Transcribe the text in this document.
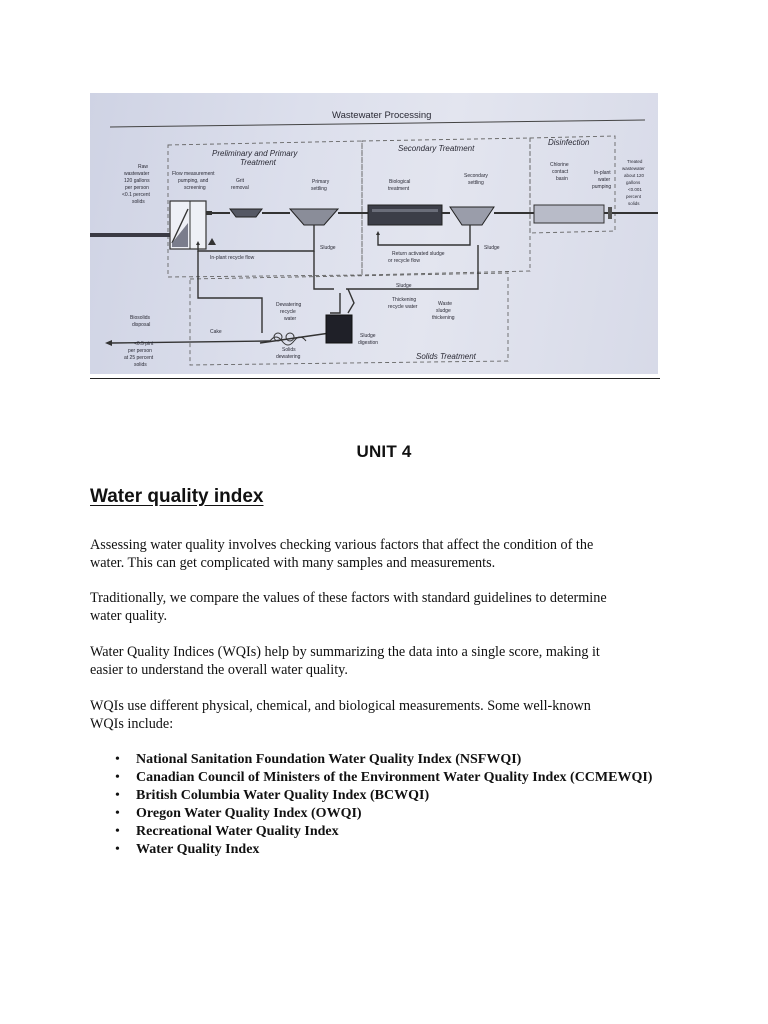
Wastewater Processing
Preliminary and Primary
Treatment
Secondary Treatment
Disinfection
Solids Treatment
Raw
wastewater
120 gallons
per person
<0.1 percent
solids
Flow measurement
pumping, and
screening
Grit
removal
Primary
settling
Biological
treatment
Secondary
settling
Chlorine
contact
basin
In-plant
water
pumping
Treated
wastewater
about 120
gallons
<0.001
percent
solids
Sludge	Sludge
Return activated sludge
or recycle flow
In-plant recycle flow
Sludge
Dewatering
recycle
water
Thickening
recycle water	Waste
sludge
thickening
Sludge
digestion
Biosolids
disposal
Cake
Solids
dewatering
<0.5 pint
per person
at 25 percent
solids
UNIT 4
Water quality index
Assessing water quality involves checking various factors that affect the condition of the
water. This can get complicated with many samples and measurements.
Traditionally, we compare the values of these factors with standard guidelines to determine
water quality.
Water Quality Indices (WQIs) help by summarizing the data into a single score, making it
easier to understand the overall water quality.
WQIs use different physical, chemical, and biological measurements. Some well-known
WQIs include:
• National Sanitation Foundation Water Quality Index (NSFWQI)
• Canadian Council of Ministers of the Environment Water Quality Index (CCMEWQI)
• British Columbia Water Quality Index (BCWQI)
• Oregon Water Quality Index (OWQI)
• Recreational Water Quality Index
• Water Quality Index
